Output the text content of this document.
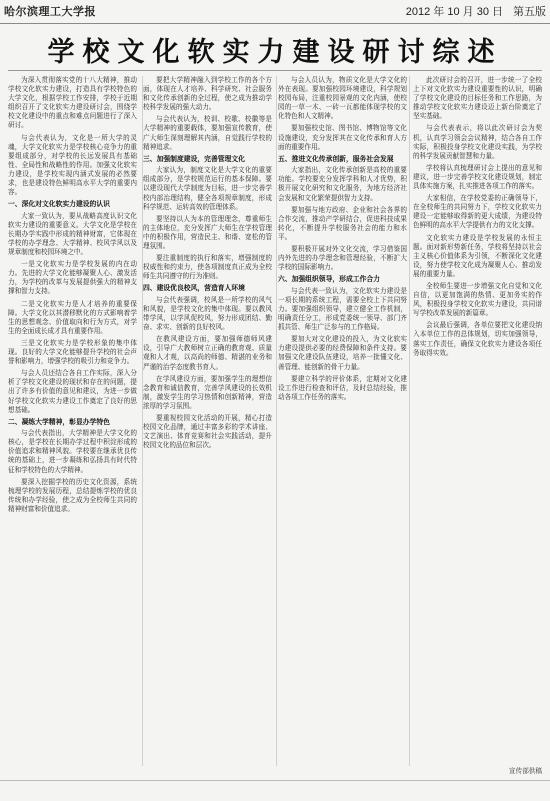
哈尔滨理工大学报	2012 年 10 月 30 日 第五版
学校文化软实力建设研讨综述

为深入贯彻落实党的十八大精神，推动学校文化软实力建设，打造具有学校特色的大学文化，根据学校工作安排，学校于近期组织召开了文化软实力建设研讨会，围绕学校文化建设中的重点和难点问题进行了深入研讨。

与会代表认为，文化是一所大学的灵魂，大学文化软实力是学校核心竞争力的重要组成部分，对学校的长远发展具有基础性、全局性和战略性的作用。加强文化软实力建设，是学校实现内涵式发展的必然要求，也是建设特色鲜明高水平大学的重要内容。

一、深化对文化软实力建设的认识

大家一致认为，要从战略高度认识文化软实力建设的重要意义。大学文化是学校在长期办学实践中形成的精神财富，它体现在学校的办学理念、大学精神、校风学风以及规章制度和校园环境之中。

一是文化软实力是学校发展的内在动力。先进的大学文化能够凝聚人心、激发活力，为学校的改革与发展提供强大的精神支撑和智力支持。

二是文化软实力是人才培养的重要保障。大学文化以其潜移默化的方式影响着学生的思想观念、价值取向和行为方式，对学生的全面成长成才具有重要作用。

三是文化软实力是学校形象的集中体现。良好的大学文化能够提升学校的社会声誉和影响力，增强学校的吸引力和竞争力。

与会人员还结合各自工作实际，深入分析了学校文化建设的现状和存在的问题，提出了许多有价值的意见和建议，为进一步做好学校文化软实力建设工作奠定了良好的思想基础。

二、凝练大学精神，彰显办学特色

与会代表指出，大学精神是大学文化的核心，是学校在长期办学过程中积淀形成的价值追求和精神风貌。学校要在继承优良传统的基础上，进一步凝练和弘扬具有时代特征和学校特色的大学精神。

要深入挖掘学校的历史文化资源，系统梳理学校的发展历程，总结提炼学校的优良传统和办学经验，使之成为全校师生共同的精神财富和价值追求。

要把大学精神融入到学校工作的各个方面，体现在人才培养、科学研究、社会服务和文化传承创新的全过程，使之成为推动学校科学发展的强大动力。

与会代表认为，校训、校歌、校徽等是大学精神的重要载体，要加强宣传教育，使广大师生深刻理解其内涵，自觉践行学校的精神追求。

三、加强制度建设，完善管理文化

大家认为，制度文化是大学文化的重要组成部分，是学校规范运行的基本保障。要以建设现代大学制度为目标，进一步完善学校内部治理结构，健全各项规章制度，形成科学规范、运转高效的管理体系。

要坚持以人为本的管理理念，尊重师生的主体地位，充分发挥广大师生在学校管理中的积极作用，营造民主、和谐、宽松的管理氛围。

要注重制度的执行和落实，增强制度的权威性和约束力，使各项制度真正成为全校师生共同遵守的行为准则。

四、建设优良校风，营造育人环境

与会代表强调，校风是一所学校的风气和风貌，是学校文化的集中体现。要以教风带学风，以学风促校风，努力形成团结、勤奋、求实、创新的良好校风。

在教风建设方面，要加强师德师风建设，引导广大教师树立正确的教育观、质量观和人才观，以高尚的师德、精湛的业务和严谨的治学态度教书育人。

在学风建设方面，要加强学生的理想信念教育和诚信教育，完善学风建设的长效机制，激发学生的学习热情和创新精神，营造浓厚的学习氛围。

要重视校园文化活动的开展，精心打造校园文化品牌，通过丰富多彩的学术讲座、文艺演出、体育竞赛和社会实践活动，提升校园文化的品位和层次。

与会人员认为，物质文化是大学文化的外在表现。要加强校园环境建设，科学规划校园布局，注重校园景观的文化内涵，使校园的一草一木、一砖一瓦都能体现学校的文化特色和人文精神。

要加强校史馆、图书馆、博物馆等文化设施建设，充分发挥其在文化传承和育人方面的重要作用。

五、推进文化传承创新，服务社会发展

大家指出，文化传承创新是高校的重要功能。学校要充分发挥学科和人才优势，积极开展文化研究和文化服务，为地方经济社会发展和文化繁荣提供智力支持。

要加强与地方政府、企业和社会各界的合作交流，推动产学研结合，促进科技成果转化，不断提升学校服务社会的能力和水平。

要积极开展对外文化交流，学习借鉴国内外先进的办学理念和管理经验，不断扩大学校的国际影响力。

六、加强组织领导，形成工作合力

与会代表一致认为，文化软实力建设是一项长期的系统工程，需要全校上下共同努力。要加强组织领导，建立健全工作机制，明确责任分工，形成党委统一领导、部门齐抓共管、师生广泛参与的工作格局。

要加大对文化建设的投入，为文化软实力建设提供必要的经费保障和条件支持。要加强文化建设队伍建设，培养一批懂文化、善管理、能创新的骨干力量。

要建立科学的评价体系，定期对文化建设工作进行检查和评估，及时总结经验，推动各项工作任务的落实。

此次研讨会的召开，进一步统一了全校上下对文化软实力建设重要性的认识，明确了学校文化建设的目标任务和工作思路，为推动学校文化软实力建设迈上新台阶奠定了坚实基础。

与会代表表示，将以此次研讨会为契机，认真学习领会会议精神，结合各自工作实际，积极投身学校文化建设实践，为学校的科学发展贡献智慧和力量。

学校将认真梳理研讨会上提出的意见和建议，进一步完善学校文化建设规划，制定具体实施方案，扎实推进各项工作的落实。

大家相信，在学校党委的正确领导下，在全校师生的共同努力下，学校文化软实力建设一定能够取得新的更大成绩，为建设特色鲜明的高水平大学提供有力的文化支撑。

文化软实力建设是学校发展的永恒主题。面对新形势新任务，学校将坚持以社会主义核心价值体系为引领，不断深化文化建设，努力使学校文化成为凝聚人心、推动发展的重要力量。

全校师生要进一步增强文化自觉和文化自信，以更加饱满的热情、更加务实的作风，积极投身学校文化软实力建设，共同谱写学校改革发展的新篇章。

会议最后强调，各单位要把文化建设纳入本单位工作的总体规划，切实加强领导，落实工作责任，确保文化软实力建设各项任务取得实效。

宣传部供稿
